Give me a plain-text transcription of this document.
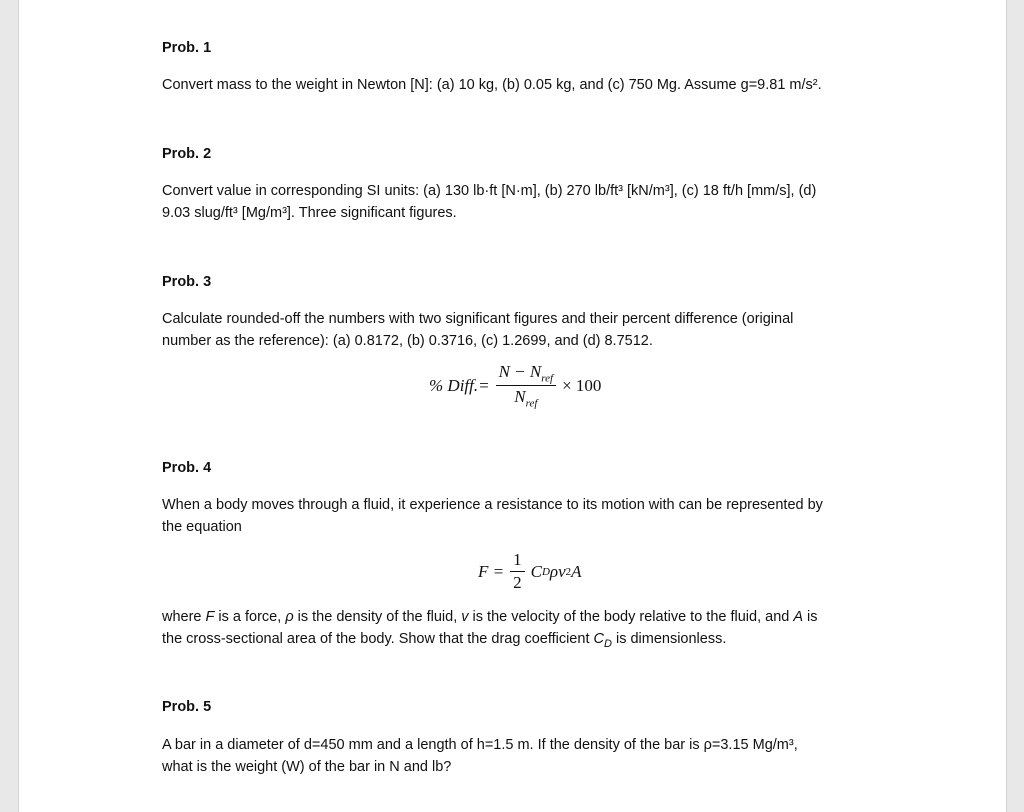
Prob. 1
Convert mass to the weight in Newton [N]: (a) 10 kg, (b) 0.05 kg, and (c) 750 Mg. Assume g=9.81 m/s².
Prob. 2
Convert value in corresponding SI units: (a) 130 lb·ft [N·m], (b) 270 lb/ft³ [kN/m³], (c) 18 ft/h [mm/s], (d)
9.03 slug/ft³ [Mg/m³]. Three significant figures.
Prob. 3
Calculate rounded-off the numbers with two significant figures and their percent difference (original
number as the reference): (a) 0.8172, (b) 0.3716, (c) 1.2699, and (d) 8.7512.
% Diff.= $\frac{N - N_{ref}}{N_{ref}} \times 100$
Prob. 4
When a body moves through a fluid, it experience a resistance to its motion with can be represented by
the equation
$F = \frac{1}{2}$ C D ρv 2 A
where F is a force, ρ is the density of the fluid, v is the velocity of the body relative to the fluid, and A is
the cross-sectional area of the body. Show that the drag coefficient $C_D$ is dimensionless.
Prob. 5
A bar in a diameter of d=450 mm and a length of h=1.5 m. If the density of the bar is ρ=3.15 Mg/m³,
what is the weight (W) of the bar in N and lb?
